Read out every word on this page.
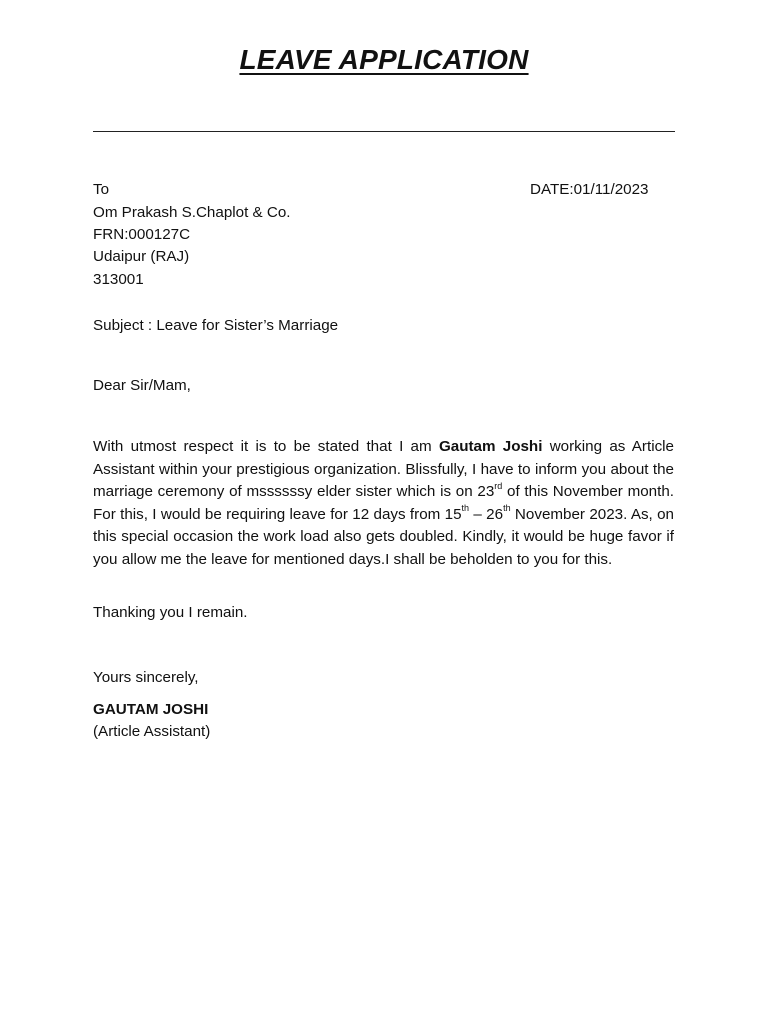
LEAVE APPLICATION
To	DATE:01/11/2023
Om Prakash S.Chaplot & Co.
FRN:000127C
Udaipur (RAJ)
313001
Subject : Leave for Sister’s Marriage
Dear Sir/Mam,

With utmost respect it is to be stated that I am Gautam Joshi working as Article Assistant within your prestigious organization. Blissfully, I have to inform you about the marriage ceremony of mssssssy elder sister which is on 23rd of this November month. For this, I would be requiring leave for 12 days from 15th – 26th November 2023. As, on this special occasion the work load also gets doubled. Kindly, it would be huge favor if you allow me the leave for mentioned days.I shall be beholden to you for this.

Thanking you I remain.
Yours sincerely,
GAUTAM JOSHI
(Article Assistant)
